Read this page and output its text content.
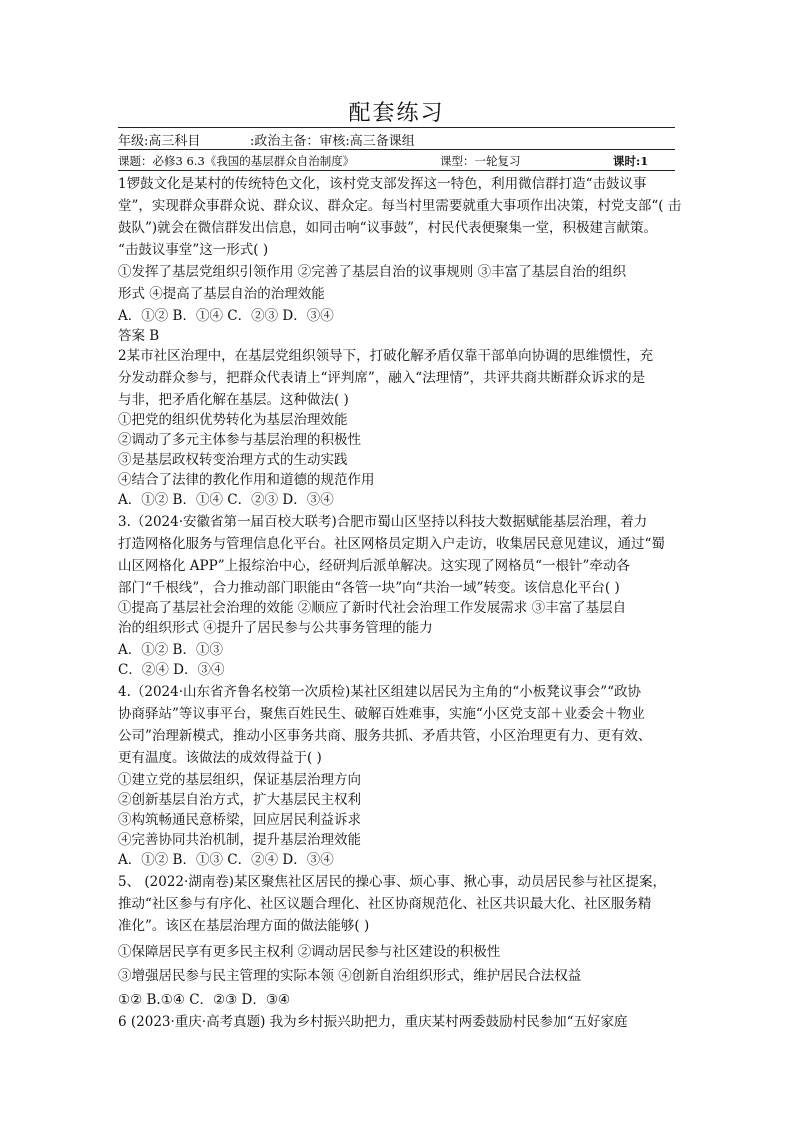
配套练习
年级:高三科目	:政治主备：审核:高三备课组
课题：必修3 6.3《我国的基层群众自治制度》	课型：一轮复习	课时:1
1锣鼓文化是某村的传统特色文化，该村党支部发挥这一特色，利用微信群打造“击鼓议事
堂”，实现群众事群众说、群众议、群众定。每当村里需要就重大事项作出决策，村党支部“( 击
鼓队”)就会在微信群发出信息，如同击响“议事鼓”，村民代表便聚集一堂，积极建言献策。
“击鼓议事堂”这一形式( )
①发挥了基层党组织引领作用 ②完善了基层自治的议事规则 ③丰富了基层自治的组织
形式 ④提高了基层自治的治理效能
A．①② B．①④ C．②③ D．③④
答案 B
2某市社区治理中，在基层党组织领导下，打破化解矛盾仅靠干部单向协调的思维惯性，充
分发动群众参与，把群众代表请上“评判席”，融入“法理情”，共评共商共断群众诉求的是
与非，把矛盾化解在基层。这种做法( )
①把党的组织优势转化为基层治理效能
②调动了多元主体参与基层治理的积极性
③是基层政权转变治理方式的生动实践
④结合了法律的教化作用和道德的规范作用
A．①② B．①④ C．②③ D．③④
3.（2024·安徽省第一届百校大联考)合肥市蜀山区坚持以科技大数据赋能基层治理，着力
打造网格化服务与管理信息化平台。社区网格员定期入户走访，收集居民意见建议，通过“蜀
山区网格化 APP”上报综治中心，经研判后派单解决。这实现了网格员“一根针”牵动各
部门“千根线”，合力推动部门职能由“各管一块”向“共治一域”转变。该信息化平台( )
①提高了基层社会治理的效能 ②顺应了新时代社会治理工作发展需求 ③丰富了基层自
治的组织形式 ④提升了居民参与公共事务管理的能力
A．①② B．①③
C．②④ D．③④
4.（2024·山东省齐鲁名校第一次质检)某社区组建以居民为主角的“小板凳议事会”“政协
协商驿站”等议事平台，聚焦百姓民生、破解百姓难事，实施“小区党支部＋业委会＋物业
公司”治理新模式，推动小区事务共商、服务共抓、矛盾共管，小区治理更有力、更有效、
更有温度。该做法的成效得益于( )
①建立党的基层组织，保证基层治理方向
②创新基层自治方式，扩大基层民主权利
③构筑畅通民意桥梁，回应居民利益诉求
④完善协同共治机制，提升基层治理效能
A．①② B．①③ C．②④ D．③④
5、 (2022·湖南卷)某区聚焦社区居民的操心事、烦心事、揪心事，动员居民参与社区提案，
推动“社区参与有序化、社区议题合理化、社区协商规范化、社区共识最大化、社区服务精
准化”。该区在基层治理方面的做法能够( )
①保障居民享有更多民主权利 ②调动居民参与社区建设的积极性
③增强居民参与民主管理的实际本领 ④创新自治组织形式，维护居民合法权益
①② B.①④ C．②③ D．③④
6 (2023·重庆·高考真题) 我为乡村振兴助把力，重庆某村两委鼓励村民参加“五好家庭
